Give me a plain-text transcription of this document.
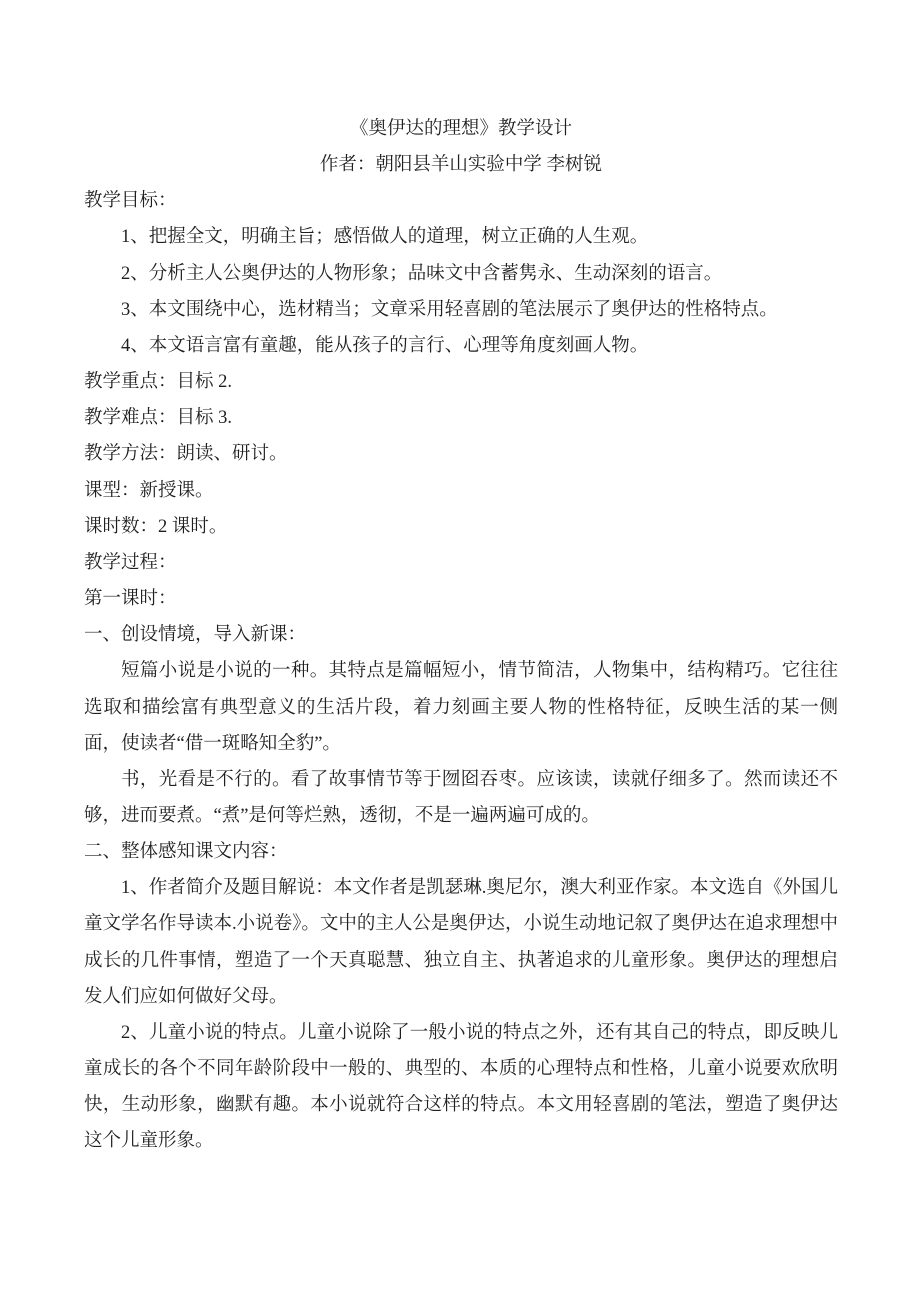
《奥伊达的理想》教学设计

作者：朝阳县羊山实验中学 李树锐

教学目标：

1、把握全文，明确主旨；感悟做人的道理，树立正确的人生观。

2、分析主人公奥伊达的人物形象；品味文中含蓄隽永、生动深刻的语言。

3、本文围绕中心，选材精当；文章采用轻喜剧的笔法展示了奥伊达的性格特点。

4、本文语言富有童趣，能从孩子的言行、心理等角度刻画人物。

教学重点：目标 2.

教学难点：目标 3.

教学方法：朗读、研讨。

课型：新授课。

课时数：2 课时。

教学过程：

第一课时：

一、创设情境，导入新课：

短篇小说是小说的一种。其特点是篇幅短小，情节简洁，人物集中，结构精巧。它往往选取和描绘富有典型意义的生活片段，着力刻画主要人物的性格特征，反映生活的某一侧面，使读者“借一斑略知全豹”。

书，光看是不行的。看了故事情节等于囫囵吞枣。应该读，读就仔细多了。然而读还不够，进而要煮。“煮”是何等烂熟，透彻，不是一遍两遍可成的。

二、整体感知课文内容：

1、作者简介及题目解说：本文作者是凯瑟琳.奥尼尔，澳大利亚作家。本文选自《外国儿童文学名作导读本.小说卷》。文中的主人公是奥伊达，小说生动地记叙了奥伊达在追求理想中成长的几件事情，塑造了一个天真聪慧、独立自主、执著追求的儿童形象。奥伊达的理想启发人们应如何做好父母。

2、儿童小说的特点。儿童小说除了一般小说的特点之外，还有其自己的特点，即反映儿童成长的各个不同年龄阶段中一般的、典型的、本质的心理特点和性格，儿童小说要欢欣明快，生动形象，幽默有趣。本小说就符合这样的特点。本文用轻喜剧的笔法，塑造了奥伊达这个儿童形象。
